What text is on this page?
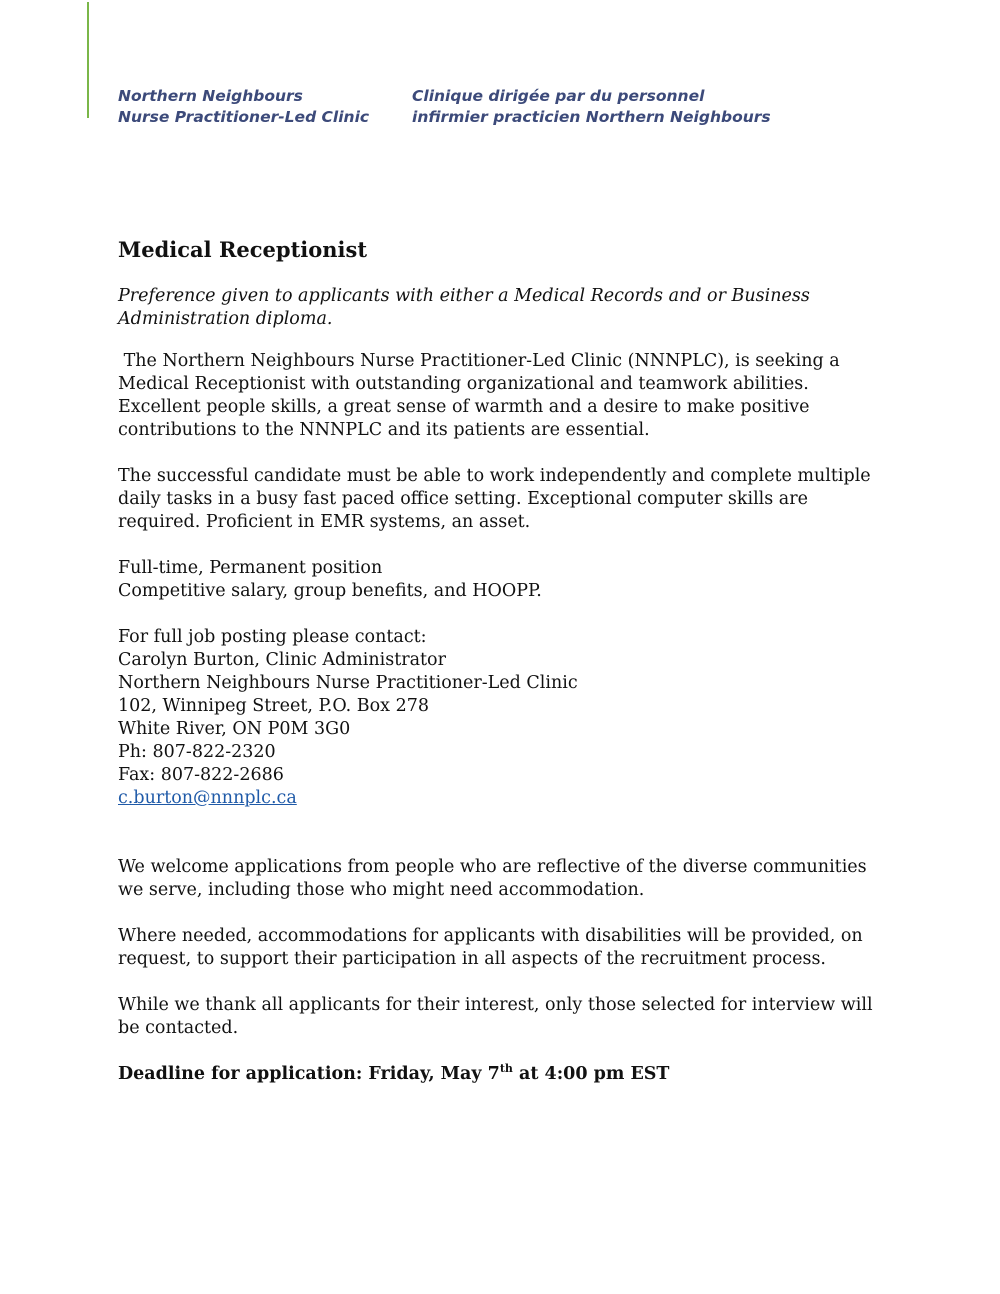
Northern Neighbours
Nurse Practitioner-Led Clinic
Clinique dirigée par du personnel
infirmier practicien Northern Neighbours
Medical Receptionist

Preference given to applicants with either a Medical Records and or Business Administration diploma.

The Northern Neighbours Nurse Practitioner-Led Clinic (NNNPLC), is seeking a Medical Receptionist with outstanding organizational and teamwork abilities. Excellent people skills, a great sense of warmth and a desire to make positive contributions to the NNNPLC and its patients are essential.

The successful candidate must be able to work independently and complete multiple daily tasks in a busy fast paced office setting. Exceptional computer skills are required. Proficient in EMR systems, an asset.

Full-time, Permanent position
Competitive salary, group benefits, and HOOPP.
For full job posting please contact:
Carolyn Burton, Clinic Administrator
Northern Neighbours Nurse Practitioner-Led Clinic
102, Winnipeg Street, P.O. Box 278
White River, ON P0M 3G0
Ph: 807-822-2320
Fax: 807-822-2686
c.burton@nnnplc.ca

We welcome applications from people who are reflective of the diverse communities we serve, including those who might need accommodation.

Where needed, accommodations for applicants with disabilities will be provided, on request, to support their participation in all aspects of the recruitment process.

While we thank all applicants for their interest, only those selected for interview will be contacted.

Deadline for application: Friday, May 7th at 4:00 pm EST
